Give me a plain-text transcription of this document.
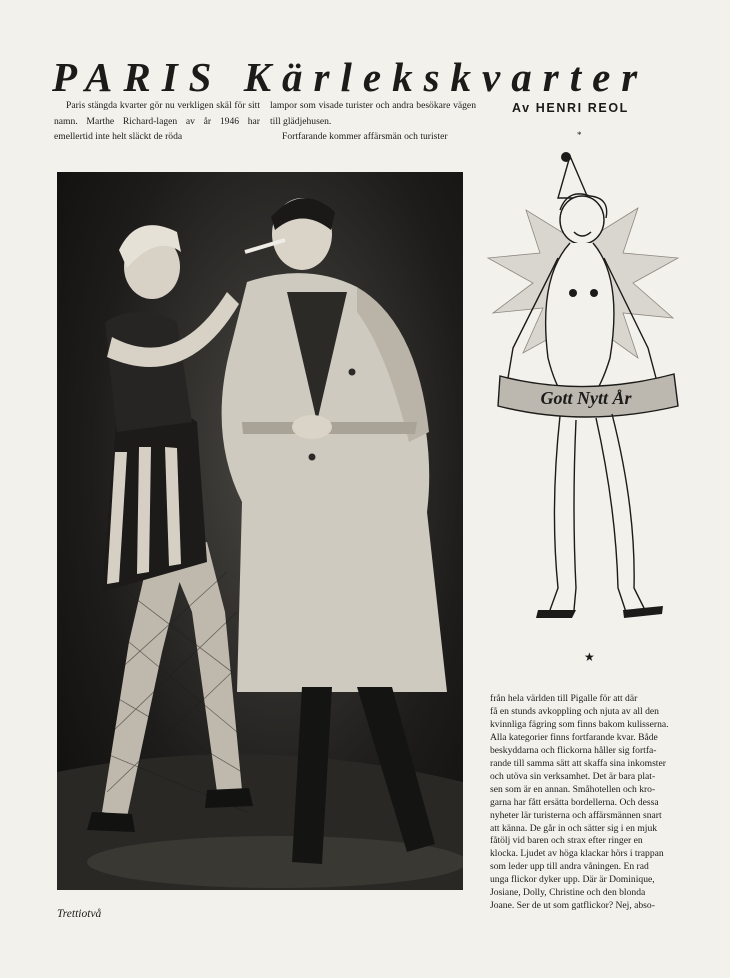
PARIS Kärlekskvarter

Paris stängda kvarter gör nu verkligen skäl för sitt namn. Marthe Richard-lagen av år 1946 har emellertid inte helt släckt de röda

lampor som visade turister och andra besökare vägen till glädjehusen.

Fortfarande kommer affärsmän och turister

Av HENRI REOL
*
Gott Nytt År
★
från hela världen till Pigalle för att där
få en stunds avkoppling och njuta av all den
kvinnliga fägring som finns bakom kulisserna.
Alla kategorier finns fortfarande kvar. Både
beskyddarna och flickorna håller sig fortfa-
rande till samma sätt att skaffa sina inkomster
och utöva sin verksamhet. Det är bara plat-
sen som är en annan. Småhotellen och kro-
garna har fått ersätta bordellerna. Och dessa
nyheter lär turisterna och affärsmännen snart
att känna. De går in och sätter sig i en mjuk
fåtölj vid baren och strax efter ringer en
klocka. Ljudet av höga klackar hörs i trappan
som leder upp till andra våningen. En rad
unga flickor dyker upp. Där är Dominique,
Josiane, Dolly, Christine och den blonda
Joane. Ser de ut som gatflickor? Nej, abso-
Trettiotvå
